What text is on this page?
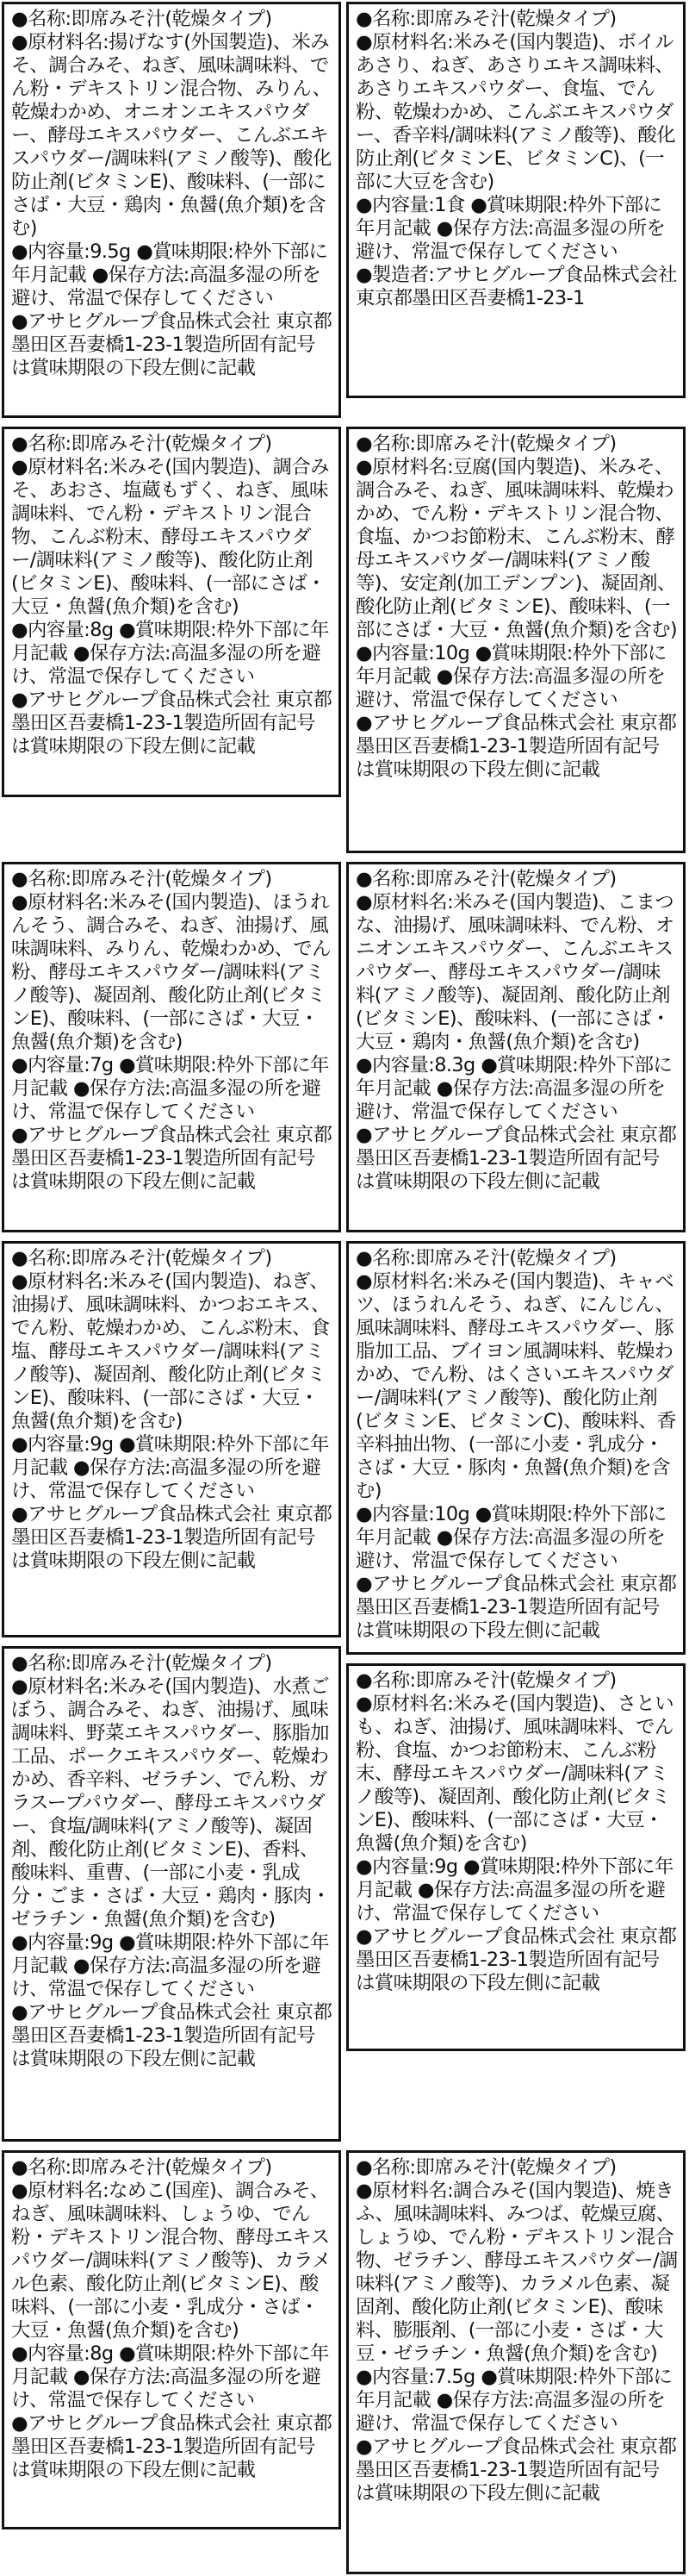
●名称:即席みそ汁(乾燥タイプ)

●原材料名:揚げなす(外国製造)、米みそ、調合みそ、ねぎ、風味調味料、でん粉・デキストリン混合物、みりん、乾燥わかめ、オニオンエキスパウダー、酵母エキスパウダー、こんぶエキスパウダー/調味料(アミノ酸等)、酸化防止剤(ビタミンE)、酸味料、(一部にさば・大豆・鶏肉・魚醤(魚介類)を含む)

●内容量:9.5g ●賞味期限:枠外下部に年月記載 ●保存方法:高温多湿の所を避け、常温で保存してください

●アサヒグループ食品株式会社 東京都墨田区吾妻橋1-23-1製造所固有記号は賞味期限の下段左側に記載

●名称:即席みそ汁(乾燥タイプ)

●原材料名:米みそ(国内製造)、ボイルあさり、ねぎ、あさりエキス調味料、あさりエキスパウダー、食塩、でん粉、乾燥わかめ、こんぶエキスパウダー、香辛料/調味料(アミノ酸等)、酸化防止剤(ビタミンE、ビタミンC)、(一部に大豆を含む)

●内容量:1食 ●賞味期限:枠外下部に年月記載 ●保存方法:高温多湿の所を避け、常温で保存してください

●製造者:アサヒグループ食品株式会社 東京都墨田区吾妻橋1-23-1

●名称:即席みそ汁(乾燥タイプ)

●原材料名:米みそ(国内製造)、調合みそ、あおさ、塩蔵もずく、ねぎ、風味調味料、でん粉・デキストリン混合物、こんぶ粉末、酵母エキスパウダー/調味料(アミノ酸等)、酸化防止剤(ビタミンE)、酸味料、(一部にさば・大豆・魚醤(魚介類)を含む)

●内容量:8g ●賞味期限:枠外下部に年月記載 ●保存方法:高温多湿の所を避け、常温で保存してください

●アサヒグループ食品株式会社 東京都墨田区吾妻橋1-23-1製造所固有記号は賞味期限の下段左側に記載

●名称:即席みそ汁(乾燥タイプ)

●原材料名:豆腐(国内製造)、米みそ、調合みそ、ねぎ、風味調味料、乾燥わかめ、でん粉・デキストリン混合物、食塩、かつお節粉末、こんぶ粉末、酵母エキスパウダー/調味料(アミノ酸等)、安定剤(加工デンプン)、凝固剤、酸化防止剤(ビタミンE)、酸味料、(一部にさば・大豆・魚醤(魚介類)を含む)

●内容量:10g ●賞味期限:枠外下部に年月記載 ●保存方法:高温多湿の所を避け、常温で保存してください

●アサヒグループ食品株式会社 東京都墨田区吾妻橋1-23-1製造所固有記号は賞味期限の下段左側に記載

●名称:即席みそ汁(乾燥タイプ)

●原材料名:米みそ(国内製造)、ほうれんそう、調合みそ、ねぎ、油揚げ、風味調味料、みりん、乾燥わかめ、でん粉、酵母エキスパウダー/調味料(アミノ酸等)、凝固剤、酸化防止剤(ビタミンE)、酸味料、(一部にさば・大豆・魚醤(魚介類)を含む)

●内容量:7g ●賞味期限:枠外下部に年月記載 ●保存方法:高温多湿の所を避け、常温で保存してください

●アサヒグループ食品株式会社 東京都墨田区吾妻橋1-23-1製造所固有記号は賞味期限の下段左側に記載

●名称:即席みそ汁(乾燥タイプ)

●原材料名:米みそ(国内製造)、こまつな、油揚げ、風味調味料、でん粉、オニオンエキスパウダー、こんぶエキスパウダー、酵母エキスパウダー/調味料(アミノ酸等)、凝固剤、酸化防止剤(ビタミンE)、酸味料、(一部にさば・大豆・鶏肉・魚醤(魚介類)を含む)

●内容量:8.3g ●賞味期限:枠外下部に年月記載 ●保存方法:高温多湿の所を避け、常温で保存してください

●アサヒグループ食品株式会社 東京都墨田区吾妻橋1-23-1製造所固有記号は賞味期限の下段左側に記載

●名称:即席みそ汁(乾燥タイプ)

●原材料名:米みそ(国内製造)、ねぎ、油揚げ、風味調味料、かつおエキス、でん粉、乾燥わかめ、こんぶ粉末、食塩、酵母エキスパウダー/調味料(アミノ酸等)、凝固剤、酸化防止剤(ビタミンE)、酸味料、(一部にさば・大豆・魚醤(魚介類)を含む)

●内容量:9g ●賞味期限:枠外下部に年月記載 ●保存方法:高温多湿の所を避け、常温で保存してください

●アサヒグループ食品株式会社 東京都墨田区吾妻橋1-23-1製造所固有記号は賞味期限の下段左側に記載

●名称:即席みそ汁(乾燥タイプ)

●原材料名:米みそ(国内製造)、キャベツ、ほうれんそう、ねぎ、にんじん、風味調味料、酵母エキスパウダー、豚脂加工品、ブイヨン風調味料、乾燥わかめ、でん粉、はくさいエキスパウダー/調味料(アミノ酸等)、酸化防止剤(ビタミンE、ビタミンC)、酸味料、香辛料抽出物、(一部に小麦・乳成分・さば・大豆・豚肉・魚醤(魚介類)を含む)

●内容量:10g ●賞味期限:枠外下部に年月記載 ●保存方法:高温多湿の所を避け、常温で保存してください

●アサヒグループ食品株式会社 東京都墨田区吾妻橋1-23-1製造所固有記号は賞味期限の下段左側に記載

●名称:即席みそ汁(乾燥タイプ)

●原材料名:米みそ(国内製造)、水煮ごぼう、調合みそ、ねぎ、油揚げ、風味調味料、野菜エキスパウダー、豚脂加工品、ポークエキスパウダー、乾燥わかめ、香辛料、ゼラチン、でん粉、ガラスープパウダー、酵母エキスパウダー、食塩/調味料(アミノ酸等)、凝固剤、酸化防止剤(ビタミンE)、香料、酸味料、重曹、(一部に小麦・乳成分・ごま・さば・大豆・鶏肉・豚肉・ゼラチン・魚醤(魚介類)を含む)

●内容量:9g ●賞味期限:枠外下部に年月記載 ●保存方法:高温多湿の所を避け、常温で保存してください

●アサヒグループ食品株式会社 東京都墨田区吾妻橋1-23-1製造所固有記号は賞味期限の下段左側に記載

●名称:即席みそ汁(乾燥タイプ)

●原材料名:米みそ(国内製造)、さといも、ねぎ、油揚げ、風味調味料、でん粉、食塩、かつお節粉末、こんぶ粉末、酵母エキスパウダー/調味料(アミノ酸等)、凝固剤、酸化防止剤(ビタミンE)、酸味料、(一部にさば・大豆・魚醤(魚介類)を含む)

●内容量:9g ●賞味期限:枠外下部に年月記載 ●保存方法:高温多湿の所を避け、常温で保存してください

●アサヒグループ食品株式会社 東京都墨田区吾妻橋1-23-1製造所固有記号は賞味期限の下段左側に記載

●名称:即席みそ汁(乾燥タイプ)

●原材料名:なめこ(国産)、調合みそ、ねぎ、風味調味料、しょうゆ、でん粉・デキストリン混合物、酵母エキスパウダー/調味料(アミノ酸等)、カラメル色素、酸化防止剤(ビタミンE)、酸味料、(一部に小麦・乳成分・さば・大豆・魚醤(魚介類)を含む)

●内容量:8g ●賞味期限:枠外下部に年月記載 ●保存方法:高温多湿の所を避け、常温で保存してください

●アサヒグループ食品株式会社 東京都墨田区吾妻橋1-23-1製造所固有記号は賞味期限の下段左側に記載

●名称:即席みそ汁(乾燥タイプ)

●原材料名:調合みそ(国内製造)、焼きふ、風味調味料、みつば、乾燥豆腐、しょうゆ、でん粉・デキストリン混合物、ゼラチン、酵母エキスパウダー/調味料(アミノ酸等)、カラメル色素、凝固剤、酸化防止剤(ビタミンE)、酸味料、膨脹剤、(一部に小麦・さば・大豆・ゼラチン・魚醤(魚介類)を含む)

●内容量:7.5g ●賞味期限:枠外下部に年月記載 ●保存方法:高温多湿の所を避け、常温で保存してください

●アサヒグループ食品株式会社 東京都墨田区吾妻橋1-23-1製造所固有記号は賞味期限の下段左側に記載
